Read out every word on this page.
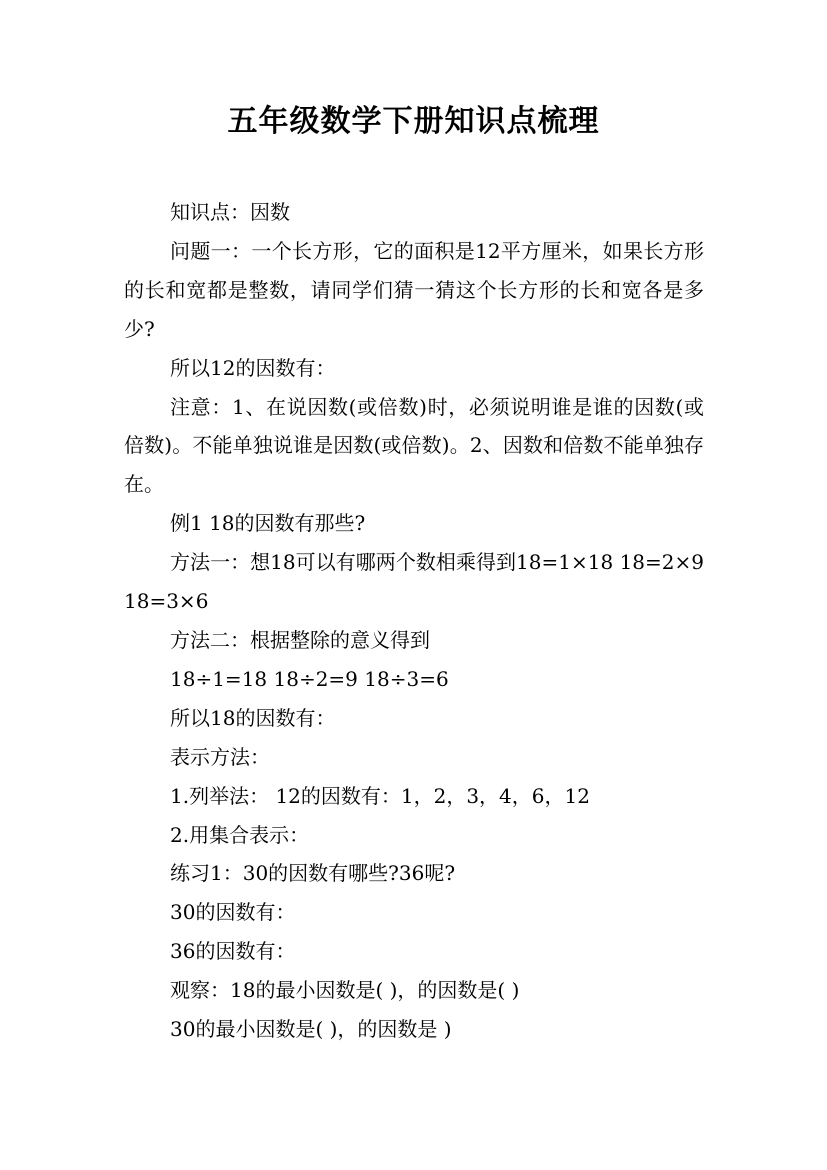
五年级数学下册知识点梳理
知识点：因数
问题一：一个长方形，它的面积是12平方厘米，如果长方形的长和宽都是整数，请同学们猜一猜这个长方形的长和宽各是多少?
所以12的因数有：
注意：1、在说因数(或倍数)时，必须说明谁是谁的因数(或倍数)。不能单独说谁是因数(或倍数)。2、因数和倍数不能单独存在。
例1 18的因数有那些?
方法一：想18可以有哪两个数相乘得到18=1×18 18=2×9 18=3×6
方法二：根据整除的意义得到
18÷1=18 18÷2=9 18÷3=6
所以18的因数有：
表示方法：
1.列举法： 12的因数有：1，2，3，4，6，12
2.用集合表示：
练习1：30的因数有哪些?36呢?
30的因数有：
36的因数有：
观察：18的最小因数是( )，的因数是( )
30的最小因数是( )，的因数是 )
